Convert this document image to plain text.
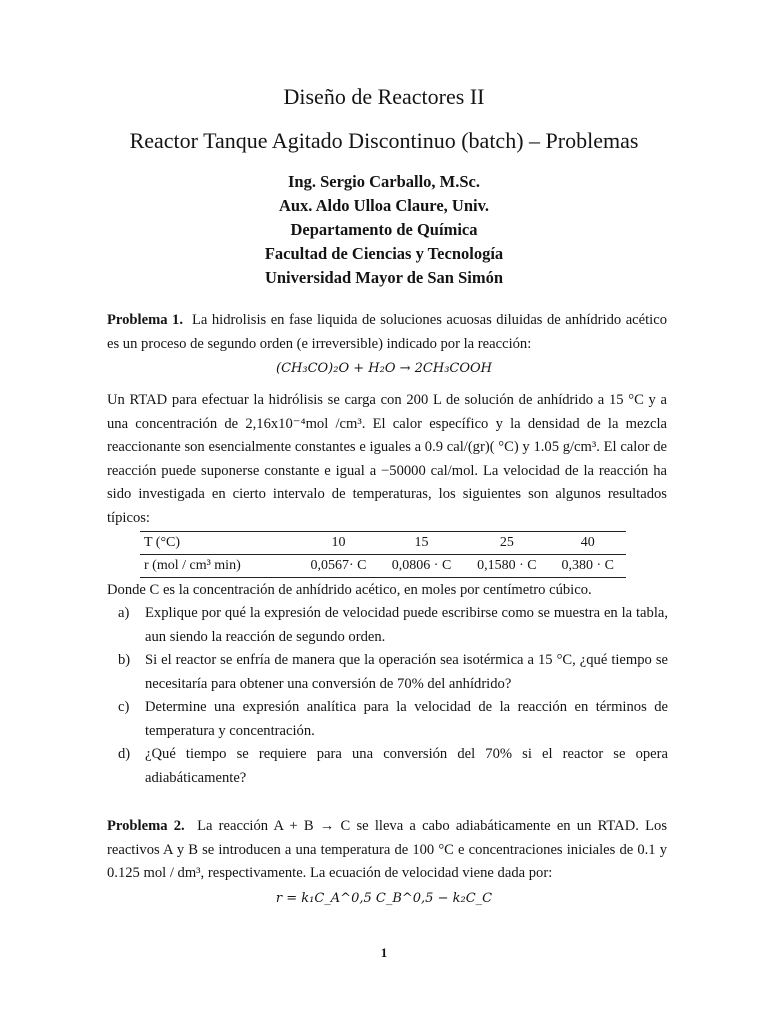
Diseño de Reactores II
Reactor Tanque Agitado Discontinuo (batch) – Problemas
Ing. Sergio Carballo, M.Sc.
Aux. Aldo Ulloa Claure, Univ.
Departamento de Química
Facultad de Ciencias y Tecnología
Universidad Mayor de San Simón
Problema 1. La hidrolisis en fase liquida de soluciones acuosas diluidas de anhídrido acético es un proceso de segundo orden (e irreversible) indicado por la reacción:
(CH₃CO)₂O + H₂O → 2CH₃COOH
Un RTAD para efectuar la hidrólisis se carga con 200 L de solución de anhídrido a 15 °C y a una concentración de 2,16x10⁻⁴mol /cm³. El calor específico y la densidad de la mezcla reaccionante son esencialmente constantes e iguales a 0.9 cal/(gr)( °C) y 1.05 g/cm³. El calor de reacción puede suponerse constante e igual a −50000 cal/mol. La velocidad de la reacción ha sido investigada en cierto intervalo de temperaturas, los siguientes son algunos resultados típicos:
T (°C)	10	15	25	40
r (mol / cm³ min)	0,0567· C	0,0806 · C	0,1580 · C	0,380 · C
Donde C es la concentración de anhídrido acético, en moles por centímetro cúbico.
a) Explique por qué la expresión de velocidad puede escribirse como se muestra en la tabla, aun siendo la reacción de segundo orden.
b) Si el reactor se enfría de manera que la operación sea isotérmica a 15 °C, ¿qué tiempo se necesitaría para obtener una conversión de 70% del anhídrido?
c) Determine una expresión analítica para la velocidad de la reacción en términos de temperatura y concentración.
d) ¿Qué tiempo se requiere para una conversión del 70% si el reactor se opera adiabáticamente?
Problema 2. La reacción A + B → C se lleva a cabo adiabáticamente en un RTAD. Los reactivos A y B se introducen a una temperatura de 100 °C e concentraciones iniciales de 0.1 y 0.125 mol / dm³, respectivamente. La ecuación de velocidad viene dada por:
r = k₁C_A^0,5 C_B^0,5 − k₂C_C
1
